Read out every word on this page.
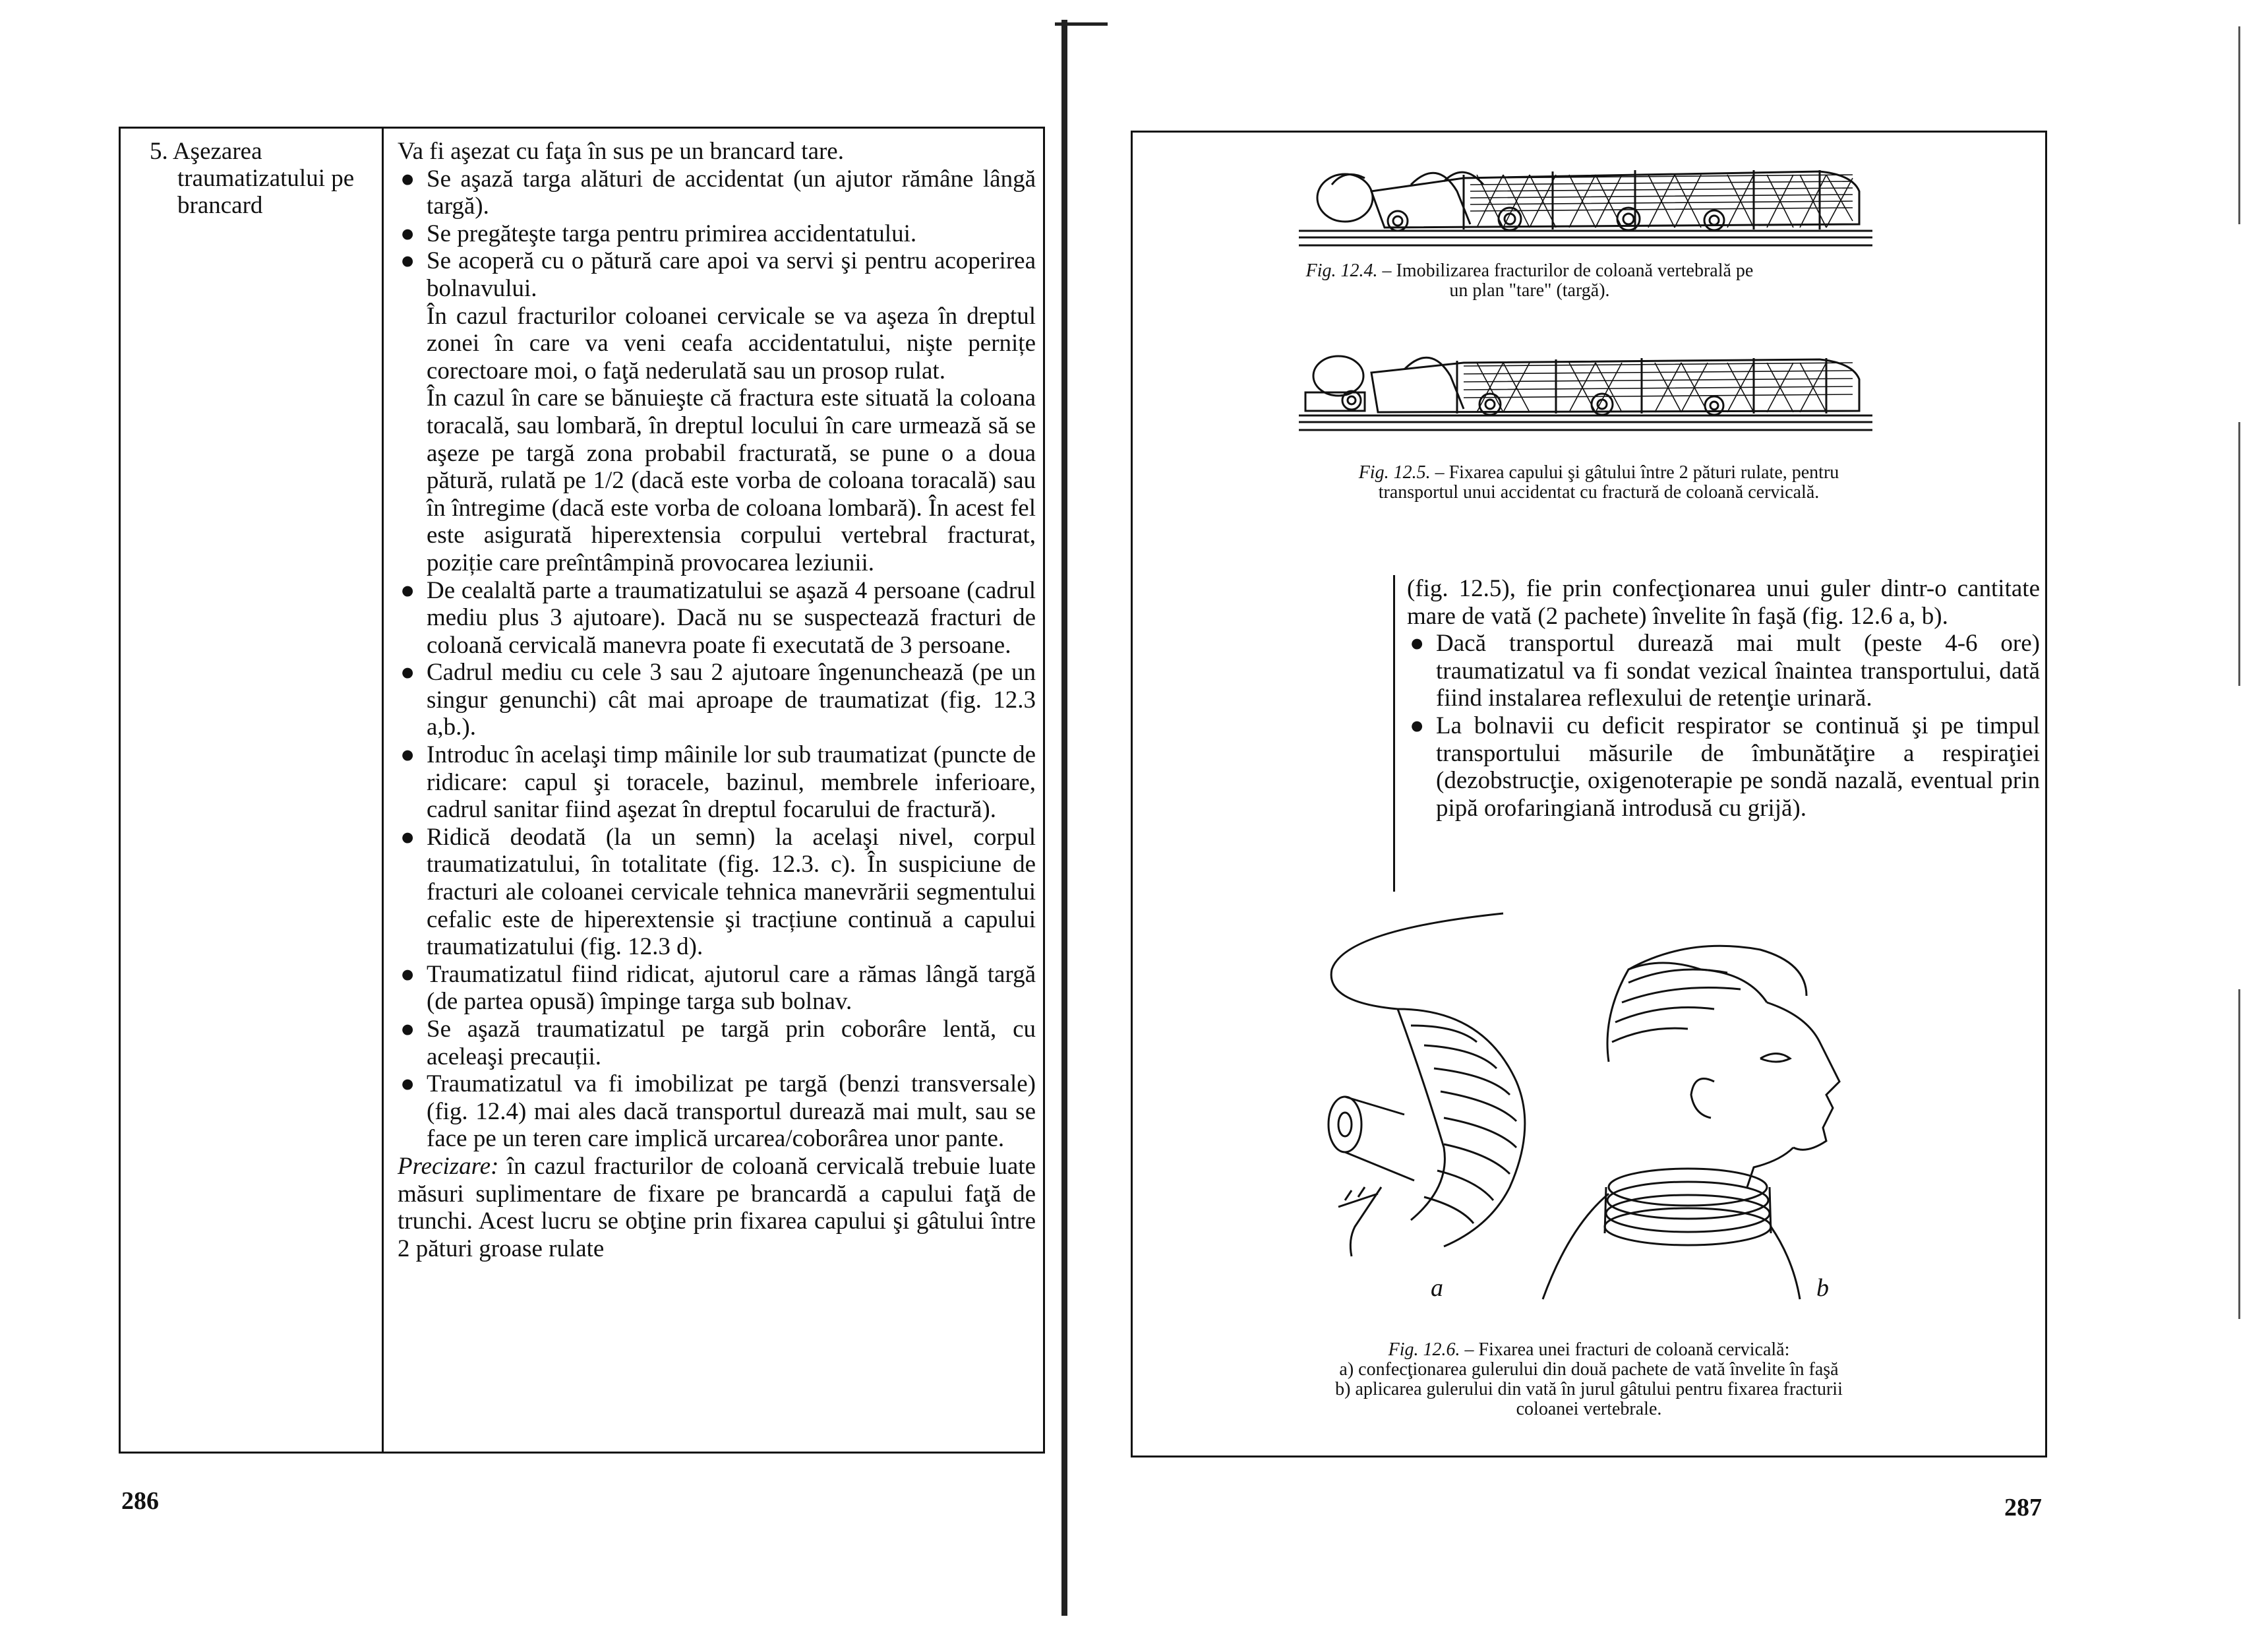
5. Aşezarea traumatizatului pe brancard

Va fi aşezat cu faţa în sus pe un brancard tare.

● Se aşază targa alături de accidentat (un ajutor rămâne lângă targă).
● Se pregăteşte targa pentru primirea accidentatului.
● Se acoperă cu o pătură care apoi va servi şi pentru acoperirea bolnavului.

În cazul fracturilor coloanei cervicale se va aşeza în dreptul zonei în care va veni ceafa accidentatului, nişte pernițe corectoare moi, o faţă nederulată sau un prosop rulat.

În cazul în care se bănuieşte că fractura este situată la coloana toracală, sau lombară, în dreptul locului în care urmează să se aşeze pe targă zona probabil fracturată, se pune o a doua pătură, rulată pe 1/2 (dacă este vorba de coloana toracală) sau în întregime (dacă este vorba de coloana lombară). În acest fel este asigurată hiperextensia corpului vertebral fracturat, poziție care preîntâmpină provocarea leziunii.

● De cealaltă parte a traumatizatului se aşază 4 persoane (cadrul mediu plus 3 ajutoare). Dacă nu se suspectează fracturi de coloană cervicală manevra poate fi executată de 3 persoane.
● Cadrul mediu cu cele 3 sau 2 ajutoare îngenunchează (pe un singur genunchi) cât mai aproape de traumatizat (fig. 12.3 a,b.).
● Introduc în acelaşi timp mâinile lor sub traumatizat (puncte de ridicare: capul şi toracele, bazinul, membrele inferioare, cadrul sanitar fiind aşezat în dreptul focarului de fractură).
● Ridică deodată (la un semn) la acelaşi nivel, corpul traumatizatului, în totalitate (fig. 12.3. c). În suspiciune de fracturi ale coloanei cervicale tehnica manevrării segmentului cefalic este de hiperextensie şi tracțiune continuă a capului traumatizatului (fig. 12.3 d).
● Traumatizatul fiind ridicat, ajutorul care a rămas lângă targă (de partea opusă) împinge targa sub bolnav.
● Se aşază traumatizatul pe targă prin coborâre lentă, cu aceleaşi precauții.
● Traumatizatul va fi imobilizat pe targă (benzi transversale) (fig. 12.4) mai ales dacă transportul durează mai mult, sau se face pe un teren care implică urcarea/coborârea unor pante.

Precizare: în cazul fracturilor de coloană cervicală trebuie luate măsuri suplimentare de fixare pe brancardă a capului faţă de trunchi. Acest lucru se obţine prin fixarea capului şi gâtului între 2 pături groase rulate

286
Fig. 12.4. – Imobilizarea fracturilor de coloană vertebrală pe un plan "tare" (targă).
Fig. 12.5. – Fixarea capului şi gâtului între 2 pături rulate, pentru transportul unui accidentat cu fractură de coloană cervicală.

(fig. 12.5), fie prin confecţionarea unui guler dintr-o cantitate mare de vată (2 pachete) învelite în faşă (fig. 12.6 a, b).

● Dacă transportul durează mai mult (peste 4-6 ore) traumatizatul va fi sondat vezical înaintea transportului, dată fiind instalarea reflexului de retenţie urinară.
● La bolnavii cu deficit respirator se continuă şi pe timpul transportului măsurile de îmbunătăţire a respiraţiei (dezobstrucţie, oxigenoterapie pe sondă nazală, eventual prin pipă orofaringiană introdusă cu grijă).
a	b
Fig. 12.6. – Fixarea unei fracturi de coloană cervicală:
a) confecţionarea gulerului din două pachete de vată învelite în faşă
b) aplicarea gulerului din vată în jurul gâtului pentru fixarea fracturii coloanei vertebrale.
287
